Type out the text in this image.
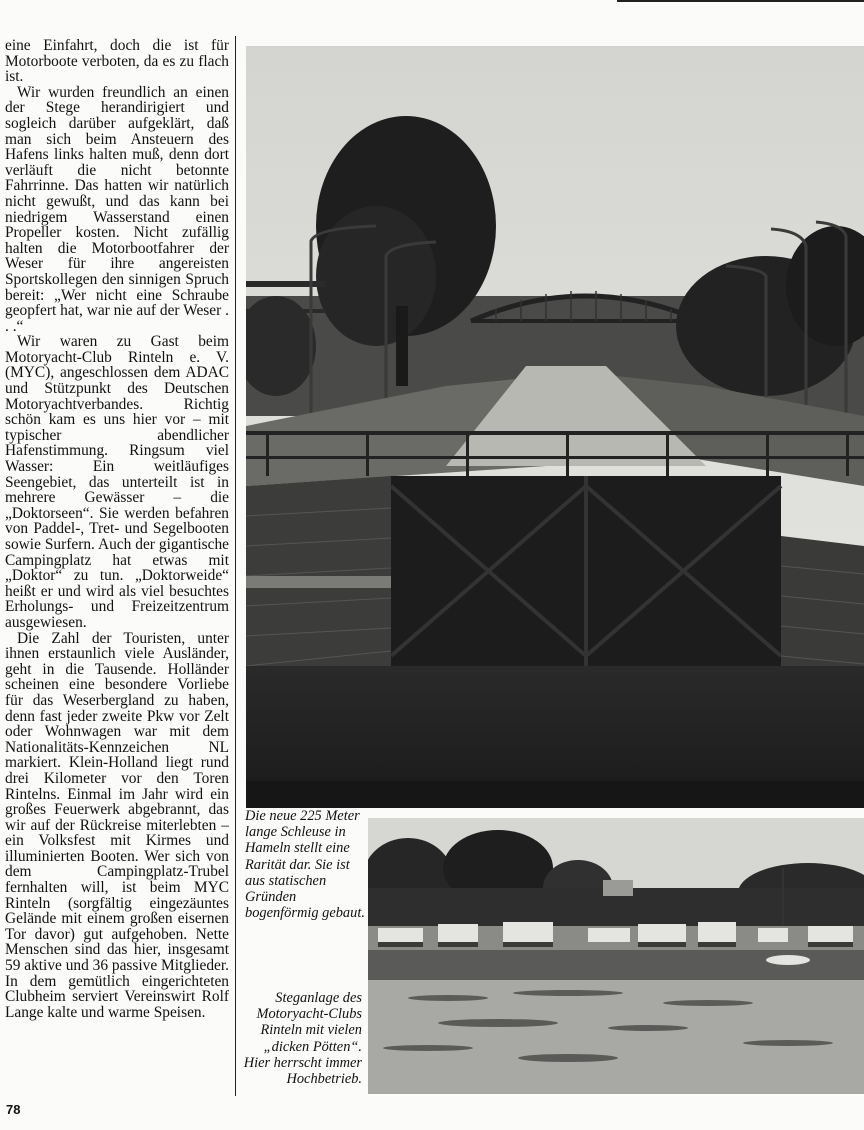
eine Einfahrt, doch die ist für Motorboote verboten, da es zu flach ist.

Wir wurden freundlich an einen der Stege herandirigiert und sogleich darüber aufgeklärt, daß man sich beim Ansteuern des Hafens links halten muß, denn dort verläuft die nicht betonnte Fahrrinne. Das hatten wir natürlich nicht gewußt, und das kann bei niedrigem Wasserstand einen Propeller kosten. Nicht zufällig halten die Motorbootfahrer der Weser für ihre angereisten Sportskollegen den sinnigen Spruch bereit: „Wer nicht eine Schraube geopfert hat, war nie auf der Weser . . .“

Wir waren zu Gast beim Motoryacht-Club Rinteln e. V. (MYC), angeschlossen dem ADAC und Stützpunkt des Deutschen Motoryachtverbandes. Richtig schön kam es uns hier vor – mit typischer abendlicher Hafenstimmung. Ringsum viel Wasser: Ein weitläufiges Seengebiet, das unterteilt ist in mehrere Gewässer – die „Doktorseen“. Sie werden befahren von Paddel-, Tret- und Segelbooten sowie Surfern. Auch der gigantische Campingplatz hat etwas mit „Doktor“ zu tun. „Doktorweide“ heißt er und wird als viel besuchtes Erholungs- und Freizeitzentrum ausgewiesen.

Die Zahl der Touristen, unter ihnen erstaunlich viele Ausländer, geht in die Tausende. Holländer scheinen eine besondere Vorliebe für das Weserbergland zu haben, denn fast jeder zweite Pkw vor Zelt oder Wohnwagen war mit dem Nationalitäts-Kennzeichen NL markiert. Klein-Holland liegt rund drei Kilometer vor den Toren Rintelns. Einmal im Jahr wird ein großes Feuerwerk abgebrannt, das wir auf der Rückreise miterlebten – ein Volksfest mit Kirmes und illuminierten Booten. Wer sich von dem Campingplatz-Trubel fernhalten will, ist beim MYC Rinteln (sorgfältig eingezäuntes Gelände mit einem großen eisernen Tor davor) gut aufgehoben. Nette Menschen sind das hier, insgesamt 59 aktive und 36 passive Mitglieder. In dem gemütlich eingerichteten Clubheim serviert Vereinswirt Rolf Lange kalte und warme Speisen.

Die neue 225 Meter lange Schleuse in Hameln stellt eine Rarität dar. Sie ist aus statischen Gründen bogenförmig gebaut.

Steganlage des Motoryacht-Clubs Rinteln mit vielen „dicken Pötten“. Hier herrscht immer Hochbetrieb.

78
